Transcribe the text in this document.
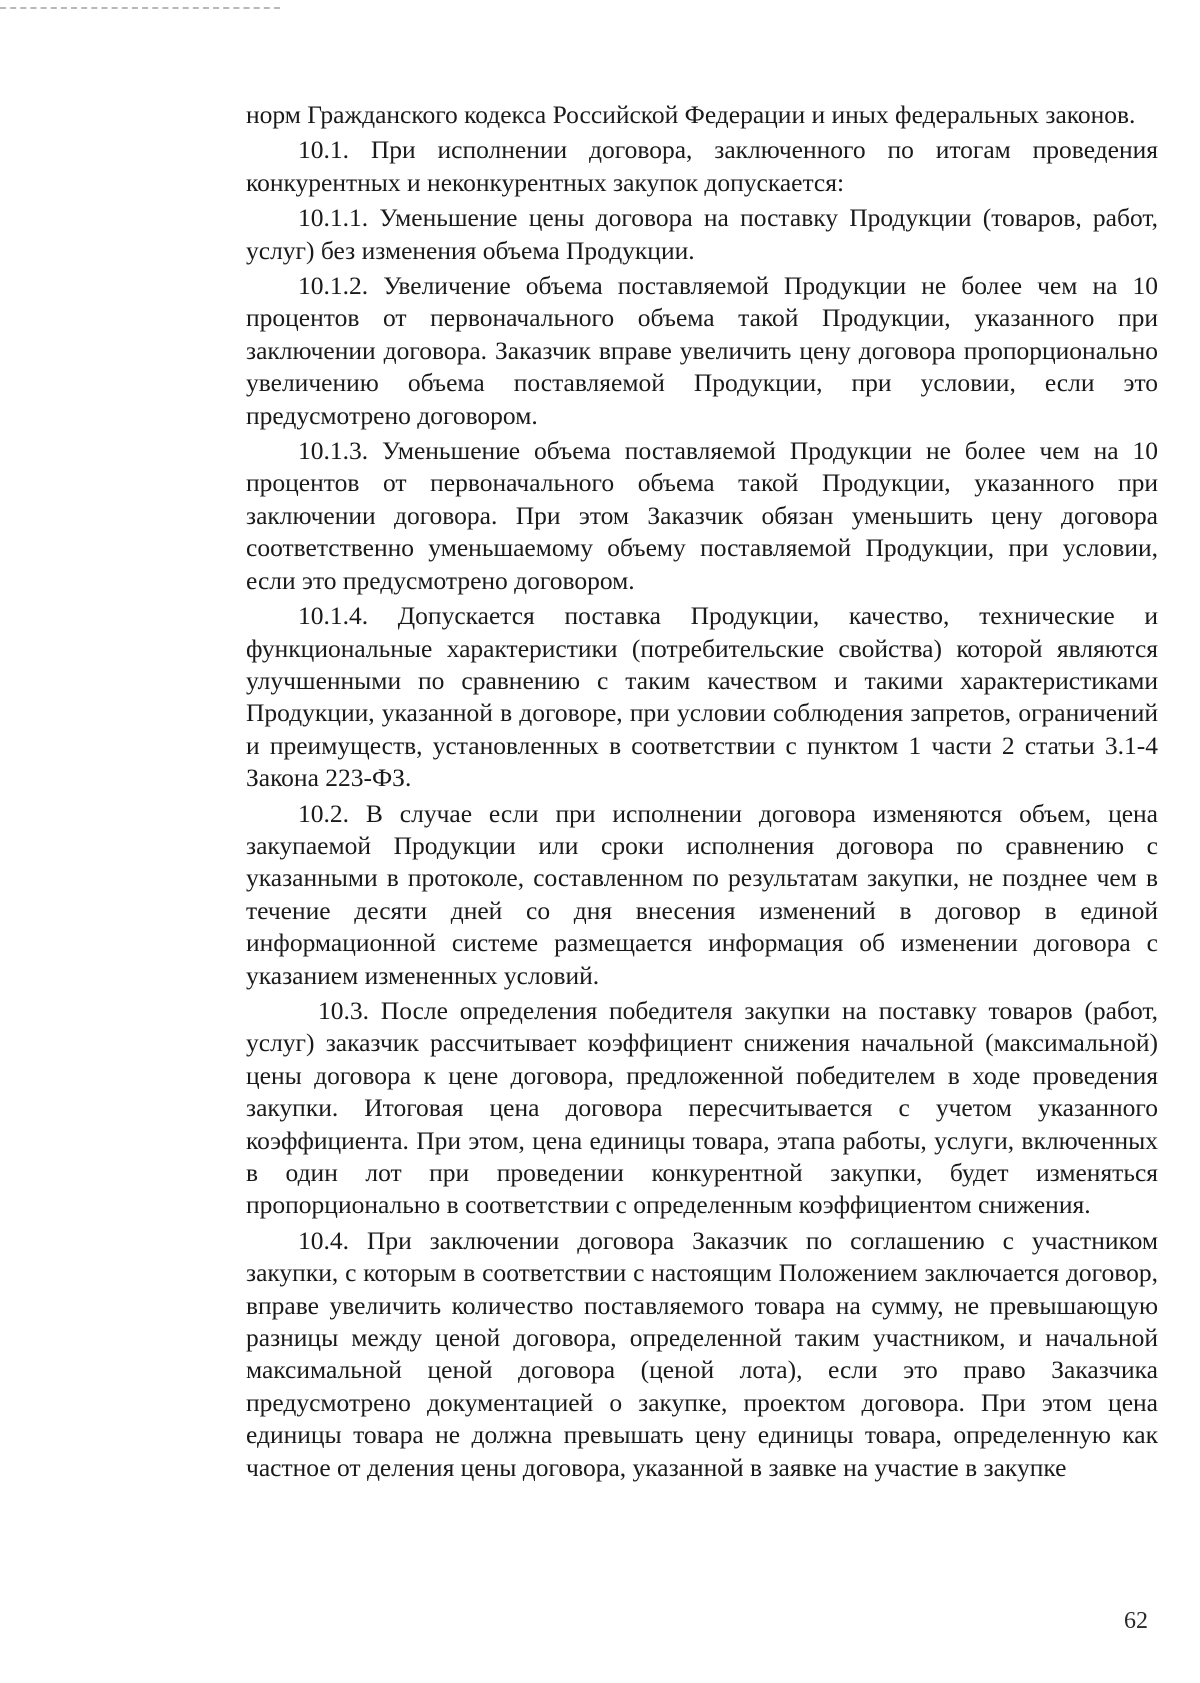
норм Гражданского кодекса Российской Федерации и иных федеральных законов.

10.1. При исполнении договора, заключенного по итогам проведения конкурентных и неконкурентных закупок допускается:

10.1.1. Уменьшение цены договора на поставку Продукции (товаров, работ, услуг) без изменения объема Продукции.

10.1.2. Увеличение объема поставляемой Продукции не более чем на 10 процентов от первоначального объема такой Продукции, указанного при заключении договора. Заказчик вправе увеличить цену договора пропорционально увеличению объема поставляемой Продукции, при условии, если это предусмотрено договором.

10.1.3. Уменьшение объема поставляемой Продукции не более чем на 10 процентов от первоначального объема такой Продукции, указанного при заключении договора. При этом Заказчик обязан уменьшить цену договора соответственно уменьшаемому объему поставляемой Продукции, при условии, если это предусмотрено договором.

10.1.4. Допускается поставка Продукции, качество, технические и функциональные характеристики (потребительские свойства) которой являются улучшенными по сравнению с таким качеством и такими характеристиками Продукции, указанной в договоре, при условии соблюдения запретов, ограничений и преимуществ, установленных в соответствии с пунктом 1 части 2 статьи 3.1-4 Закона 223-ФЗ.

10.2. В случае если при исполнении договора изменяются объем, цена закупаемой Продукции или сроки исполнения договора по сравнению с указанными в протоколе, составленном по результатам закупки, не позднее чем в течение десяти дней со дня внесения изменений в договор в единой информационной системе размещается информация об изменении договора с указанием измененных условий.

10.3. После определения победителя закупки на поставку товаров (работ, услуг) заказчик рассчитывает коэффициент снижения начальной (максимальной) цены договора к цене договора, предложенной победителем в ходе проведения закупки. Итоговая цена договора пересчитывается с учетом указанного коэффициента. При этом, цена единицы товара, этапа работы, услуги, включенных в один лот при проведении конкурентной закупки, будет изменяться пропорционально в соответствии с определенным коэффициентом снижения.

10.4. При заключении договора Заказчик по соглашению с участником закупки, с которым в соответствии с настоящим Положением заключается договор, вправе увеличить количество поставляемого товара на сумму, не превышающую разницы между ценой договора, определенной таким участником, и начальной максимальной ценой договора (ценой лота), если это право Заказчика предусмотрено документацией о закупке, проектом договора. При этом цена единицы товара не должна превышать цену единицы товара, определенную как частное от деления цены договора, указанной в заявке на участие в закупке

62
